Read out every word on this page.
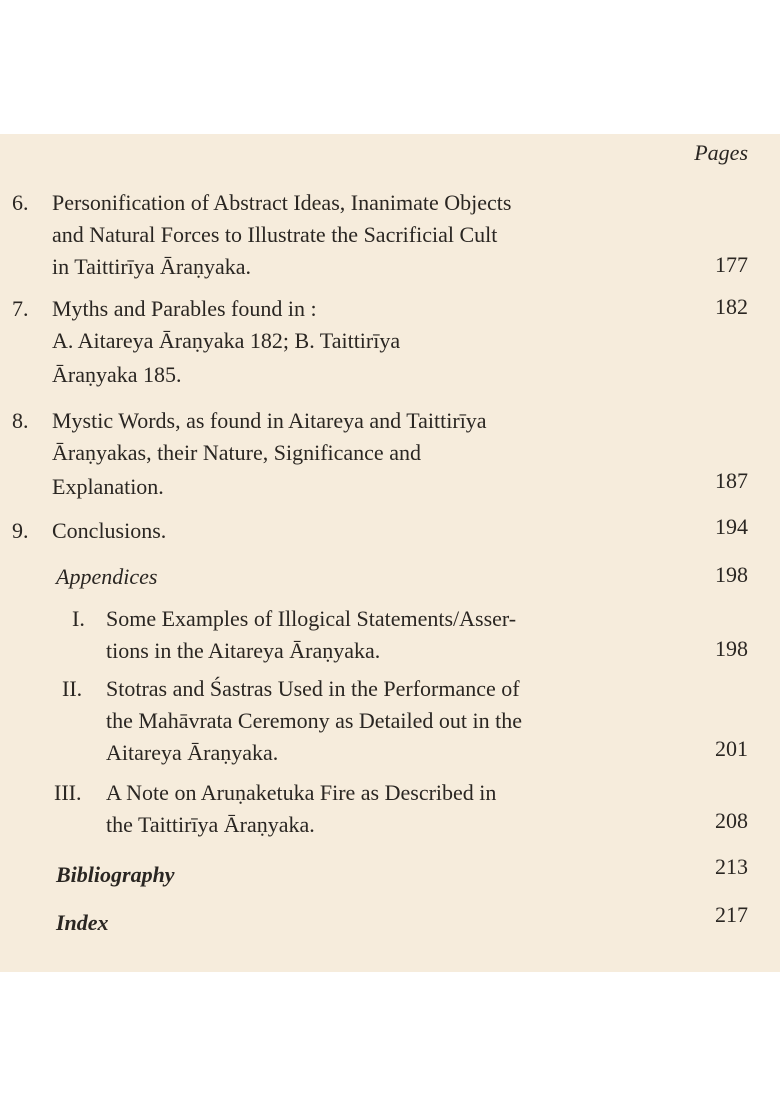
Pages
6. Personification of Abstract Ideas, Inanimate Objects
and Natural Forces to Illustrate the Sacrificial Cult
in Taittirīya Āraṇyaka.	177
7. Myths and Parables found in :	182
A. Aitareya Āraṇyaka 182; B. Taittirīya
Āraṇyaka 185.
8. Mystic Words, as found in Aitareya and Taittirīya
Āraṇyakas, their Nature, Significance and
Explanation.	187
9. Conclusions.	194
Appendices	198
I. Some Examples of Illogical Statements/Asser-
tions in the Aitareya Āraṇyaka.	198
II. Stotras and Śastras Used in the Performance of
the Mahāvrata Ceremony as Detailed out in the
Aitareya Āraṇyaka.	201
III. A Note on Aruṇaketuka Fire as Described in
the Taittirīya Āraṇyaka.	208
Bibliography	213
Index	217
